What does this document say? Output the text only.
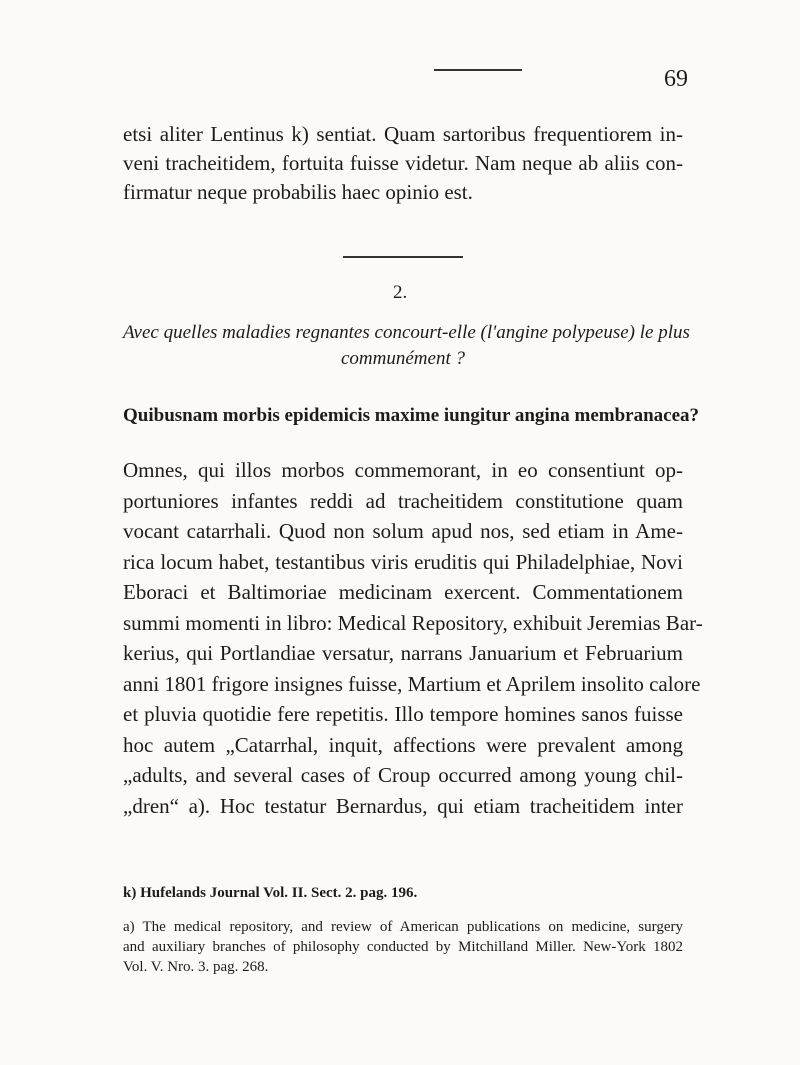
69
etsi aliter Lentinus k) sentiat. Quam sartoribus frequentiorem in-
veni tracheitidem, fortuita fuisse videtur. Nam neque ab aliis con-
firmatur neque probabilis haec opinio est.
2.
Avec quelles maladies regnantes concourt-elle (l'angine polypeuse) le plus
communément ?
Quibusnam morbis epidemicis maxime iungitur angina membranacea?
Omnes, qui illos morbos commemorant, in eo consentiunt op-
portuniores infantes reddi ad tracheitidem constitutione quam
vocant catarrhali. Quod non solum apud nos, sed etiam in Ame-
rica locum habet, testantibus viris eruditis qui Philadelphiae, Novi
Eboraci et Baltimoriae medicinam exercent. Commentationem
summi momenti in libro: Medical Repository, exhibuit Jeremias Bar-
kerius, qui Portlandiae versatur, narrans Januarium et Februarium
anni 1801 frigore insignes fuisse, Martium et Aprilem insolito calore
et pluvia quotidie fere repetitis. Illo tempore homines sanos fuisse
hoc autem „Catarrhal, inquit, affections were prevalent among
„adults, and several cases of Croup occurred among young chil-
„dren“ a). Hoc testatur Bernardus, qui etiam tracheitidem inter
k) Hufelands Journal Vol. II. Sect. 2. pag. 196.
a) The medical repository, and review of American publications on medicine, surgery
and auxiliary branches of philosophy conducted by Mitchilland Miller. New-York 1802
Vol. V. Nro. 3. pag. 268.
